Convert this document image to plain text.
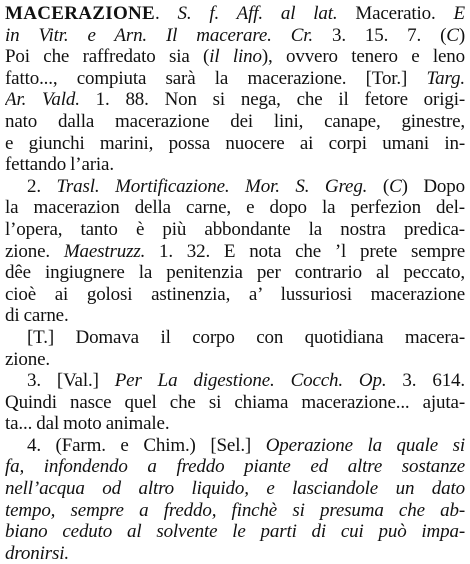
MACERAZIONE. S. f. Aff. al lat. Maceratio. E
in Vitr. e Arn. Il macerare. Cr. 3. 15. 7. (C)
Poi che raffredato sia (il lino), ovvero tenero e leno
fatto..., compiuta sarà la macerazione. [Tor.] Targ.
Ar. Vald. 1. 88. Non si nega, che il fetore origi-
nato dalla macerazione dei lini, canape, ginestre,
e giunchi marini, possa nuocere ai corpi umani in-
fettando l’aria.
2. Trasl. Mortificazione. Mor. S. Greg. (C) Dopo
la macerazion della carne, e dopo la perfezion del-
l’opera, tanto è più abbondante la nostra predica-
zione. Maestruzz. 1. 32. E nota che ’l prete sempre
dêe ingiugnere la penitenzia per contrario al peccato,
cioè ai golosi astinenzia, a’ lussuriosi macerazione
di carne.
[T.] Domava il corpo con quotidiana macera-
zione.
3. [Val.] Per La digestione. Cocch. Op. 3. 614.
Quindi nasce quel che si chiama macerazione... ajuta-
ta... dal moto animale.
4. (Farm. e Chim.) [Sel.] Operazione la quale si
fa, infondendo a freddo piante ed altre sostanze
nell’acqua od altro liquido, e lasciandole un dato
tempo, sempre a freddo, finchè si presuma che ab-
biano ceduto al solvente le parti di cui può impa-
dronirsi.
